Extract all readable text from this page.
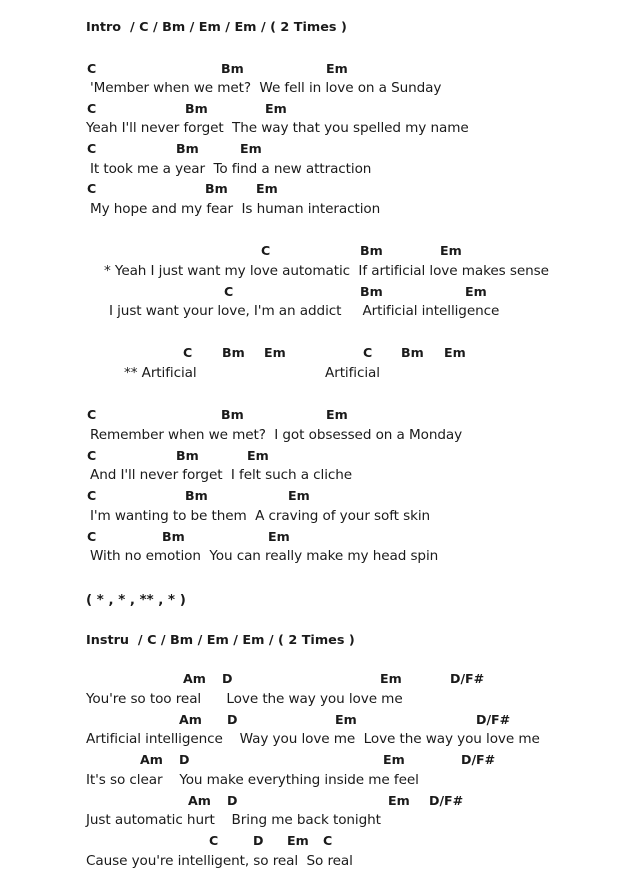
Intro  / C / Bm / Em / Em / ( 2 Times )
C	Bm	Em
'Member when we met?  We fell in love on a Sunday
C	Bm	Em
Yeah I'll never forget  The way that you spelled my name
C	Bm	Em
It took me a year  To find a new attraction
C	Bm Em
My hope and my fear  Is human interaction
C	Bm	Em
* Yeah I just want my love automatic  If artificial love makes sense
C	Bm	Em
I just want your love, I'm an addict     Artificial intelligence
C Bm Em	C Bm Em
** Artificial	Artificial
C	Bm	Em
Remember when we met?  I got obsessed on a Monday
C	Bm	Em
And I'll never forget  I felt such a cliche
C	Bm	Em
I'm wanting to be them  A craving of your soft skin
C	Bm	Em
With no emotion  You can really make my head spin
( * , * , ** , * )
Instru  / C / Bm / Em / Em / ( 2 Times )
Am D	Em	D/F#
You're so too real      Love the way you love me
Am D	Em	D/F#
Artificial intelligence    Way you love me  Love the way you love me
Am D	Em	D/F#
It's so clear    You make everything inside me feel
Am D	Em D/F#
Just automatic hurt    Bring me back tonight
C	D Em C
Cause you're intelligent, so real  So real
